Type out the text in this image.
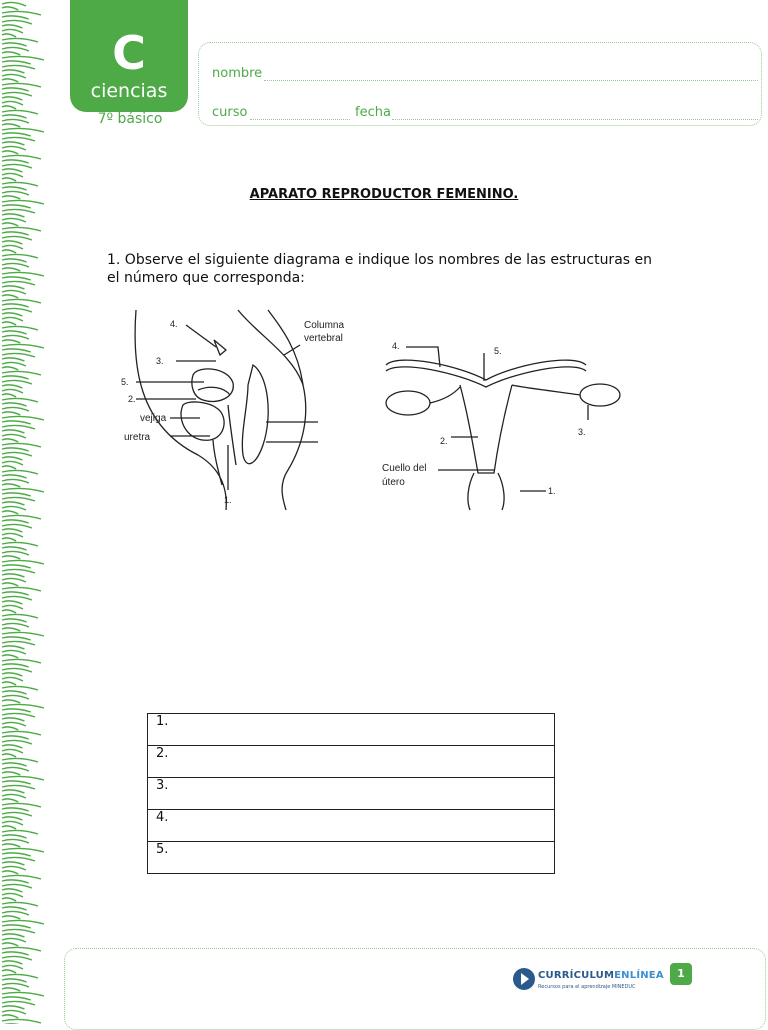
C
ciencias
7º básico
nombre
curso	fecha
APARATO REPRODUCTOR FEMENINO.
1. Observe el siguiente diagrama e indique los nombres de las estructuras en el número que corresponda:
4.
3.
5.
2.
vejiga
uretra
1.
Columna
vertebral
4.	5.
2.
3.
Cuello del
útero
1.
1.
2.
3.
4.
5.
CURRÍCULUMENLÍNEA
Recursos para el aprendizaje MINEDUC
1
